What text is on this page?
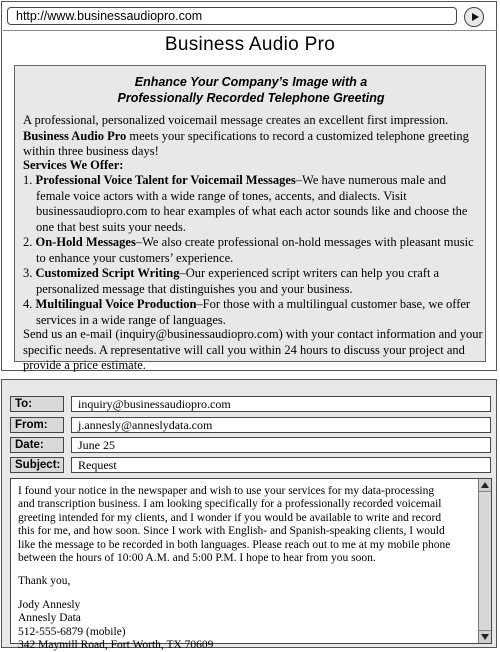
http://www.businessaudiopro.com
Business Audio Pro
Enhance Your Company’s Image with a
Professionally Recorded Telephone Greeting
A professional, personalized voicemail message creates an excellent first impression. Business Audio Pro meets your specifications to record a customized telephone greeting within three business days!
Services We Offer:
1. Professional Voice Talent for Voicemail Messages–We have numerous male and female voice actors with a wide range of tones, accents, and dialects. Visit businessaudiopro.com to hear examples of what each actor sounds like and choose the one that best suits your needs.
2. On-Hold Messages–We also create professional on-hold messages with pleasant music to enhance your customers’ experience.
3. Customized Script Writing–Our experienced script writers can help you craft a personalized message that distinguishes you and your business.
4. Multilingual Voice Production–For those with a multilingual customer base, we offer services in a wide range of languages.
Send us an e-mail (inquiry@businessaudiopro.com) with your contact information and your specific needs. A representative will call you within 24 hours to discuss your project and provide a price estimate.
To:	inquiry@businessaudiopro.com
From:	j.annesly@anneslydata.com
Date:	June 25
Subject:	Request
I found your notice in the newspaper and wish to use your services for my data-processing
and transcription business. I am looking specifically for a professionally recorded voicemail
greeting intended for my clients, and I wonder if you would be available to write and record
this for me, and how soon. Since I work with English- and Spanish-speaking clients, I would
like the message to be recorded in both languages. Please reach out to me at my mobile phone
between the hours of 10:00 A.M. and 5:00 P.M. I hope to hear from you soon.
Thank you,
Jody Annesly
Annesly Data
512-555-6879 (mobile)
342 Maymill Road, Fort Worth, TX 70609
